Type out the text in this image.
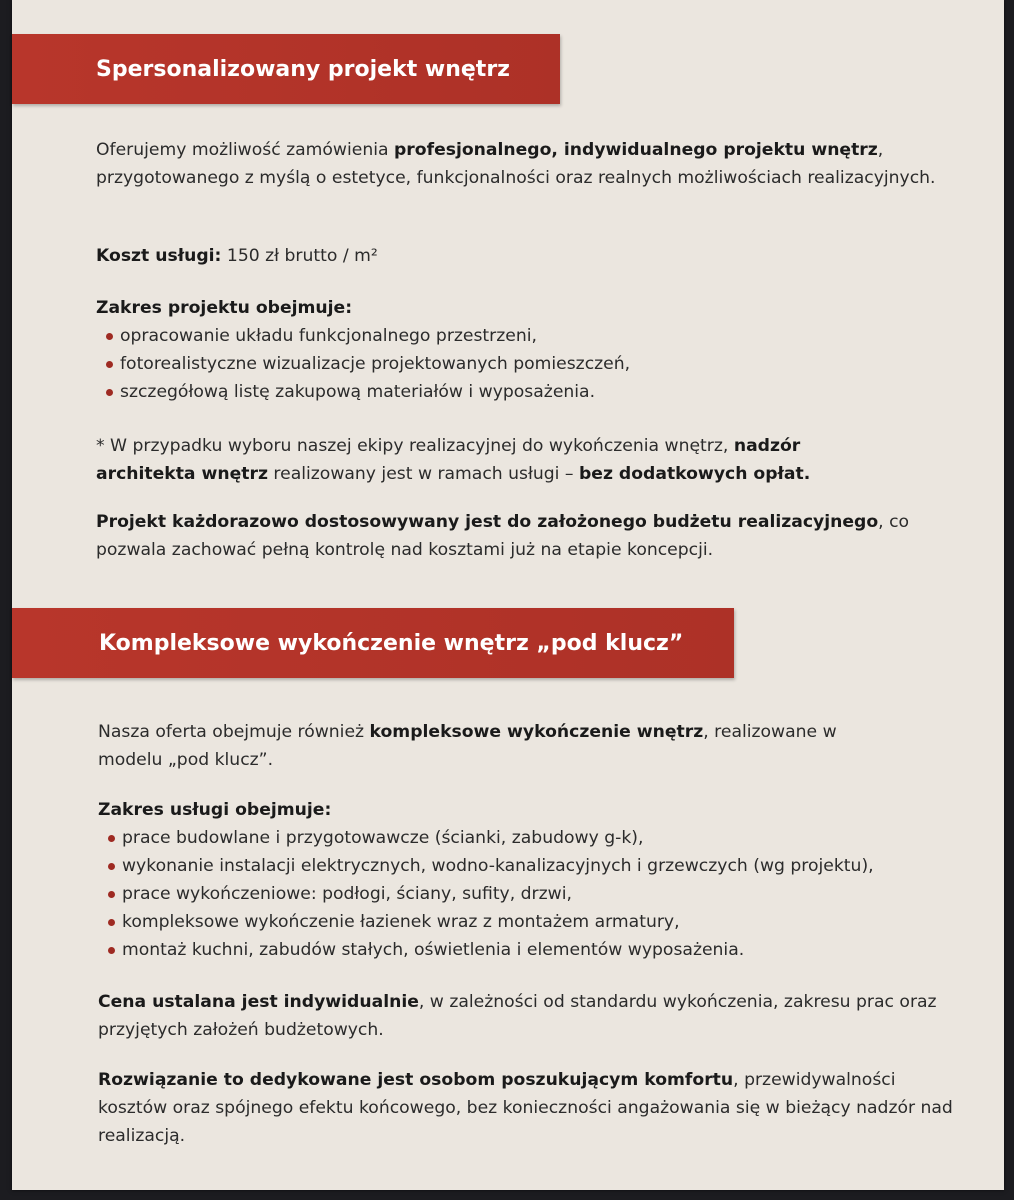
Spersonalizowany projekt wnętrz
Oferujemy możliwość zamówienia profesjonalnego, indywidualnego projektu wnętrz, przygotowanego z myślą o estetyce, funkcjonalności oraz realnych możliwościach realizacyjnych.
Koszt usługi: 150 zł brutto / m²
Zakres projektu obejmuje:
opracowanie układu funkcjonalnego przestrzeni,
fotorealistyczne wizualizacje projektowanych pomieszczeń,
szczegółową listę zakupową materiałów i wyposażenia.
* W przypadku wyboru naszej ekipy realizacyjnej do wykończenia wnętrz, nadzór architekta wnętrz realizowany jest w ramach usługi – bez dodatkowych opłat.
Projekt każdorazowo dostosowywany jest do założonego budżetu realizacyjnego, co pozwala zachować pełną kontrolę nad kosztami już na etapie koncepcji.
Kompleksowe wykończenie wnętrz „pod klucz”
Nasza oferta obejmuje również kompleksowe wykończenie wnętrz, realizowane w modelu „pod klucz”.
Zakres usługi obejmuje:
prace budowlane i przygotowawcze (ścianki, zabudowy g-k),
wykonanie instalacji elektrycznych, wodno-kanalizacyjnych i grzewczych (wg projektu),
prace wykończeniowe: podłogi, ściany, sufity, drzwi,
kompleksowe wykończenie łazienek wraz z montażem armatury,
montaż kuchni, zabudów stałych, oświetlenia i elementów wyposażenia.
Cena ustalana jest indywidualnie, w zależności od standardu wykończenia, zakresu prac oraz przyjętych założeń budżetowych.
Rozwiązanie to dedykowane jest osobom poszukującym komfortu, przewidywalności kosztów oraz spójnego efektu końcowego, bez konieczności angażowania się w bieżący nadzór nad realizacją.
